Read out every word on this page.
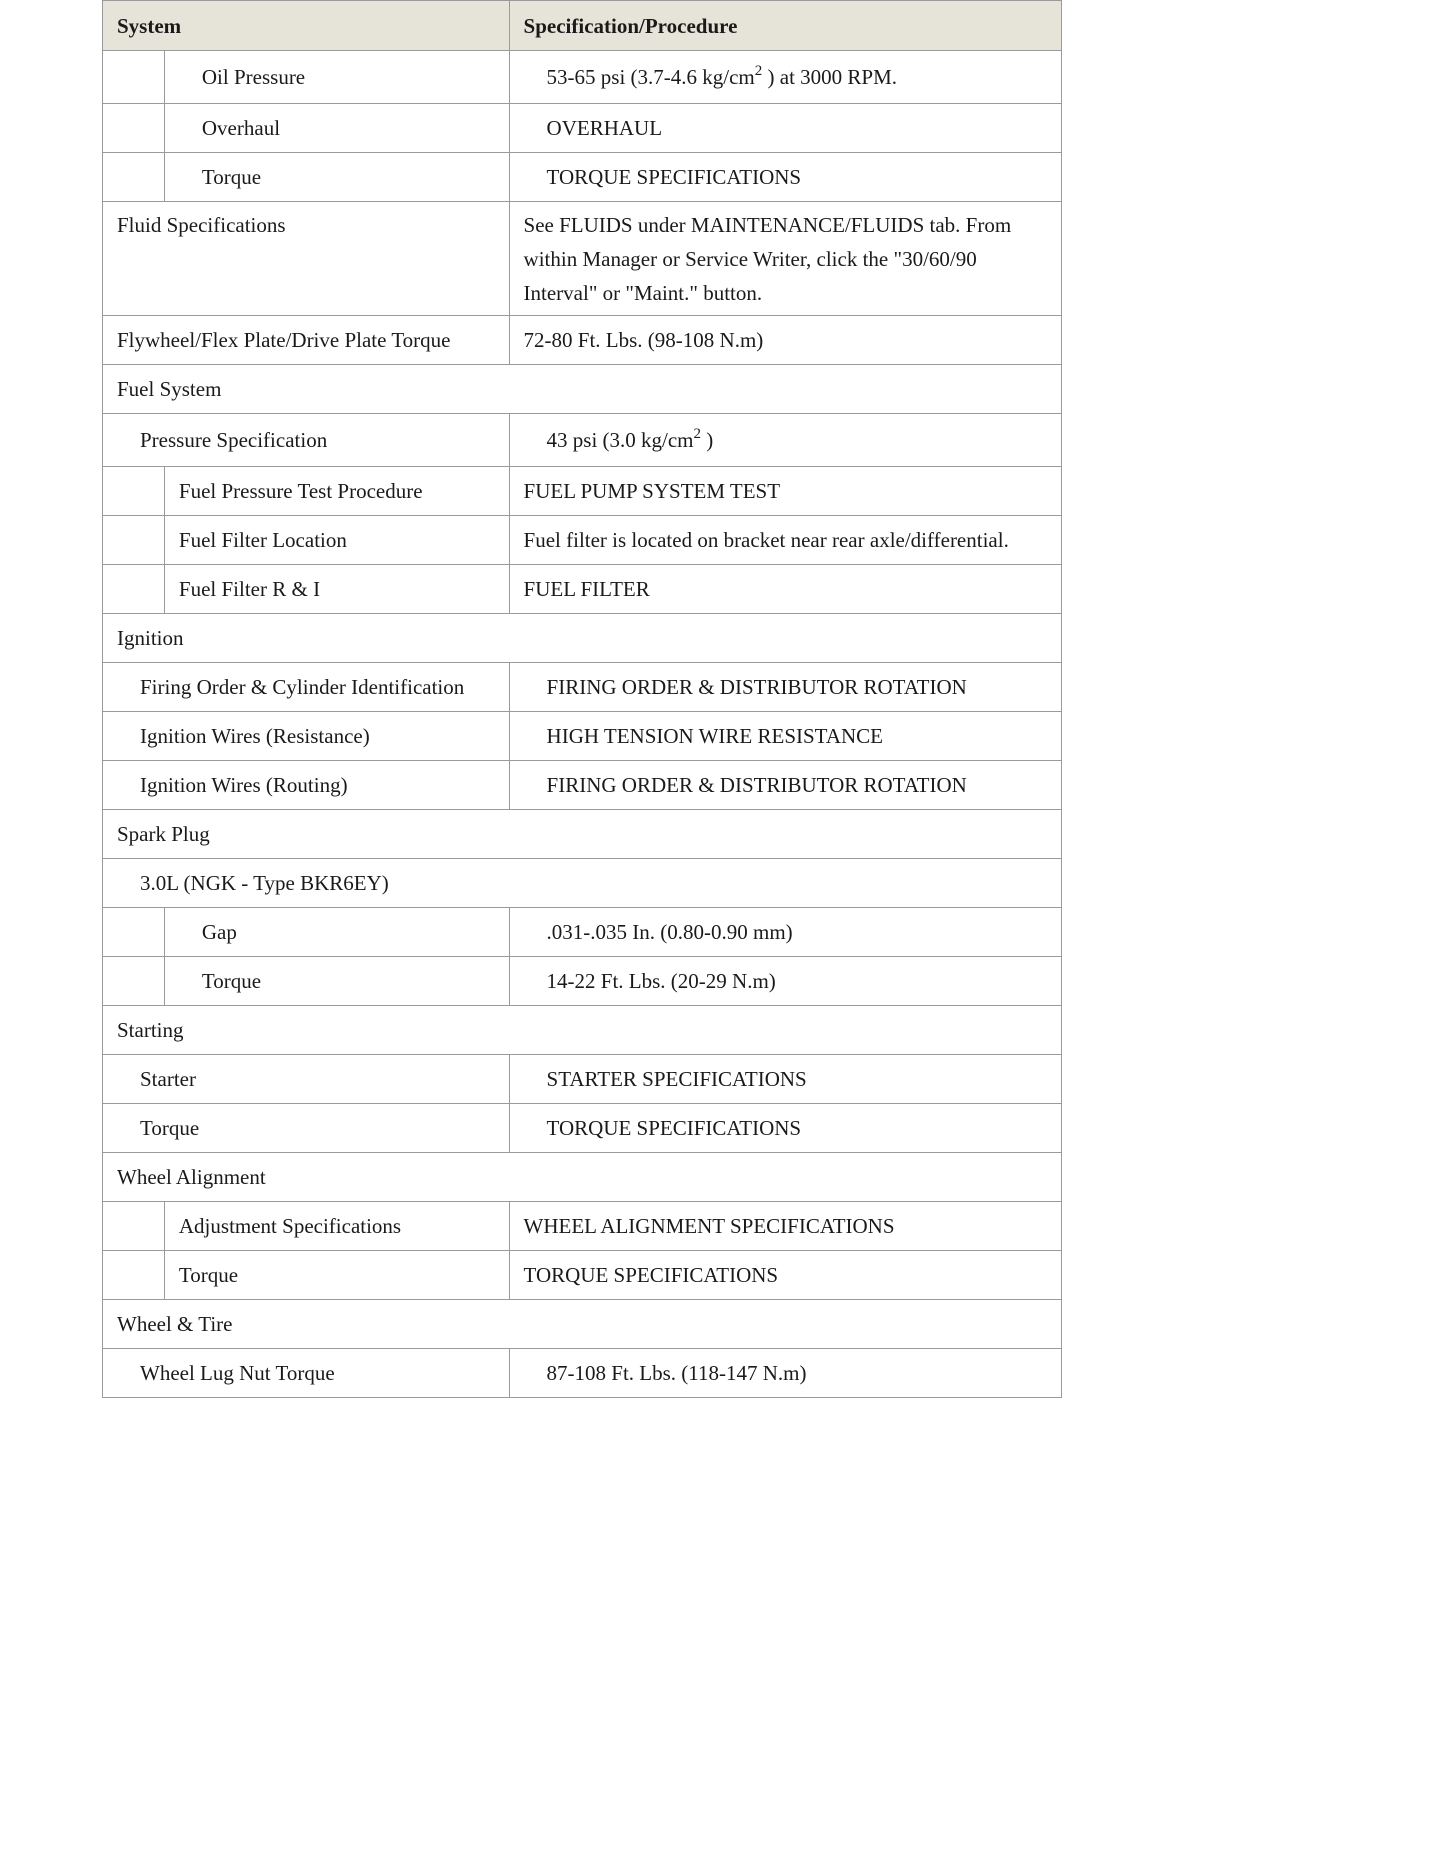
System		Specification/Procedure
	Oil Pressure	53-65 psi (3.7-4.6 $kg/cm^2$ ) at 3000 RPM.
	Overhaul	OVERHAUL
	Torque	TORQUE SPECIFICATIONS
Fluid Specifications		See FLUIDS under MAINTENANCE/FLUIDS tab. From within Manager or Service Writer, click the "30/60/90 Interval" or "Maint." button.
Flywheel/Flex Plate/Drive Plate Torque		72-80 Ft. Lbs. (98-108 N.m)
Fuel System		
Pressure Specification		43 psi (3.0 $kg/cm^2$ )
	Fuel Pressure Test Procedure	FUEL PUMP SYSTEM TEST
	Fuel Filter Location	Fuel filter is located on bracket near rear axle/differential.
	Fuel Filter R & I	FUEL FILTER
Ignition		
Firing Order & Cylinder Identification		FIRING ORDER & DISTRIBUTOR ROTATION
Ignition Wires (Resistance)		HIGH TENSION WIRE RESISTANCE
Ignition Wires (Routing)		FIRING ORDER & DISTRIBUTOR ROTATION
Spark Plug		
3.0L (NGK - Type BKR6EY)		
	Gap	.031-.035 In. (0.80-0.90 mm)
	Torque	14-22 Ft. Lbs. (20-29 N.m)
Starting		
Starter		STARTER SPECIFICATIONS
Torque		TORQUE SPECIFICATIONS
Wheel Alignment		
	Adjustment Specifications	WHEEL ALIGNMENT SPECIFICATIONS
	Torque	TORQUE SPECIFICATIONS
Wheel & Tire		
Wheel Lug Nut Torque		87-108 Ft. Lbs. (118-147 N.m)
